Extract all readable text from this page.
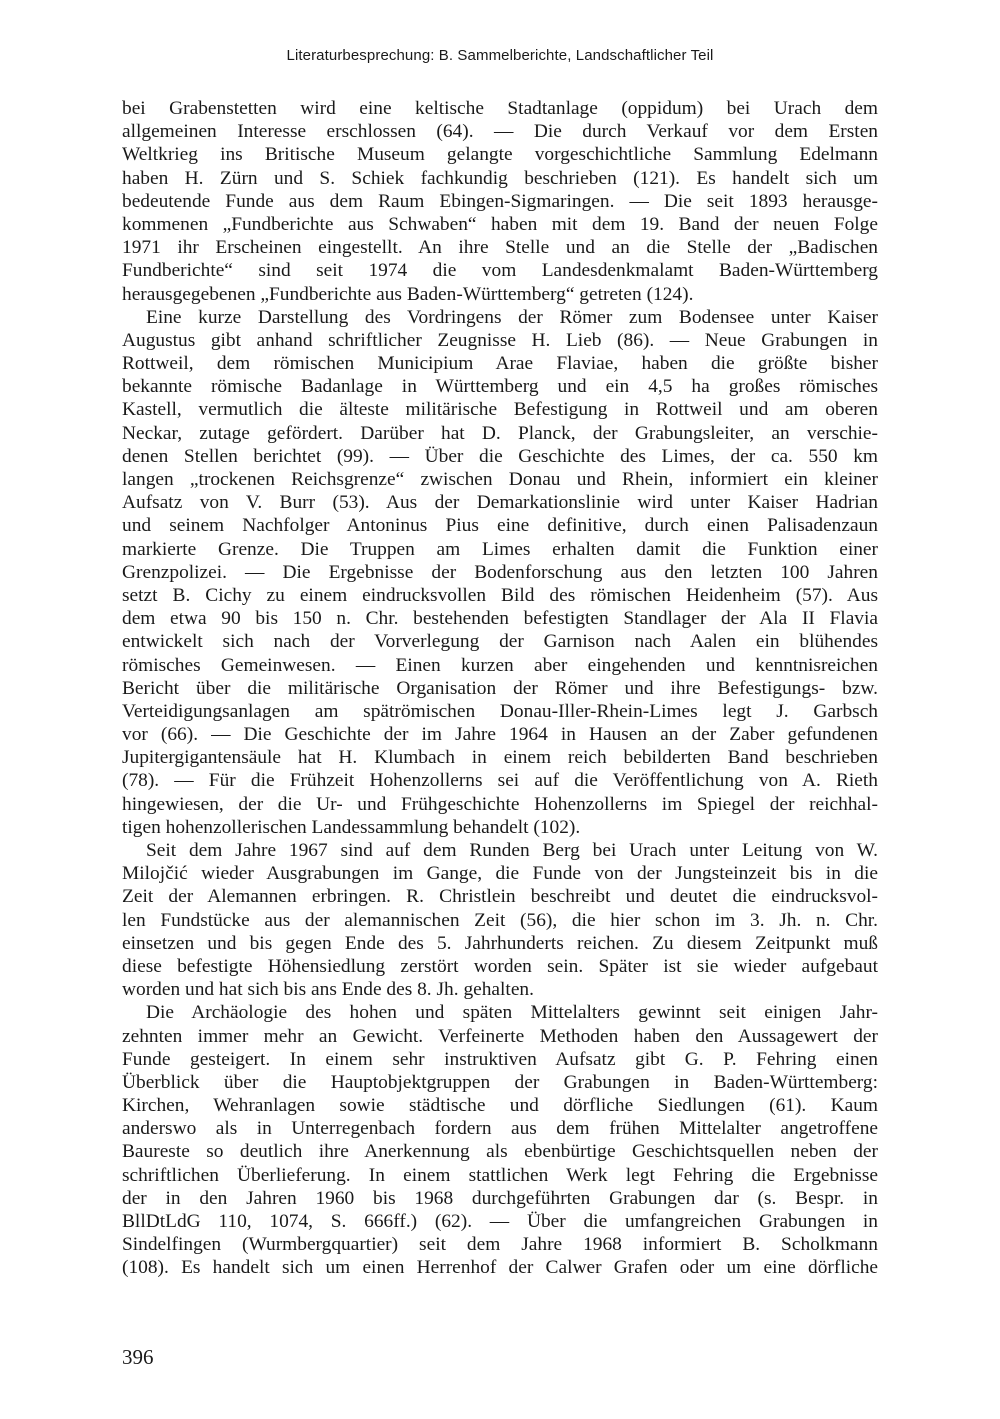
Literaturbesprechung: B. Sammelberichte, Landschaftlicher Teil
bei Grabenstetten wird eine keltische Stadtanlage (oppidum) bei Urach dem
allgemeinen Interesse erschlossen (64). — Die durch Verkauf vor dem Ersten
Weltkrieg ins Britische Museum gelangte vorgeschichtliche Sammlung Edelmann
haben H. Zürn und S. Schiek fachkundig beschrieben (121). Es handelt sich um
bedeutende Funde aus dem Raum Ebingen-Sigmaringen. — Die seit 1893 herausge-
kommenen „Fundberichte aus Schwaben“ haben mit dem 19. Band der neuen Folge
1971 ihr Erscheinen eingestellt. An ihre Stelle und an die Stelle der „Badischen
Fundberichte“ sind seit 1974 die vom Landesdenkmalamt Baden-Württemberg
herausgegebenen „Fundberichte aus Baden-Württemberg“ getreten (124).
Eine kurze Darstellung des Vordringens der Römer zum Bodensee unter Kaiser
Augustus gibt anhand schriftlicher Zeugnisse H. Lieb (86). — Neue Grabungen in
Rottweil, dem römischen Municipium Arae Flaviae, haben die größte bisher
bekannte römische Badanlage in Württemberg und ein 4,5 ha großes römisches
Kastell, vermutlich die älteste militärische Befestigung in Rottweil und am oberen
Neckar, zutage gefördert. Darüber hat D. Planck, der Grabungsleiter, an verschie-
denen Stellen berichtet (99). — Über die Geschichte des Limes, der ca. 550 km
langen „trockenen Reichsgrenze“ zwischen Donau und Rhein, informiert ein kleiner
Aufsatz von V. Burr (53). Aus der Demarkationslinie wird unter Kaiser Hadrian
und seinem Nachfolger Antoninus Pius eine definitive, durch einen Palisadenzaun
markierte Grenze. Die Truppen am Limes erhalten damit die Funktion einer
Grenzpolizei. — Die Ergebnisse der Bodenforschung aus den letzten 100 Jahren
setzt B. Cichy zu einem eindrucksvollen Bild des römischen Heidenheim (57). Aus
dem etwa 90 bis 150 n. Chr. bestehenden befestigten Standlager der Ala II Flavia
entwickelt sich nach der Vorverlegung der Garnison nach Aalen ein blühendes
römisches Gemeinwesen. — Einen kurzen aber eingehenden und kenntnisreichen
Bericht über die militärische Organisation der Römer und ihre Befestigungs- bzw.
Verteidigungsanlagen am spätrömischen Donau-Iller-Rhein-Limes legt J. Garbsch
vor (66). — Die Geschichte der im Jahre 1964 in Hausen an der Zaber gefundenen
Jupitergigantensäule hat H. Klumbach in einem reich bebilderten Band beschrieben
(78). — Für die Frühzeit Hohenzollerns sei auf die Veröffentlichung von A. Rieth
hingewiesen, der die Ur- und Frühgeschichte Hohenzollerns im Spiegel der reichhal-
tigen hohenzollerischen Landessammlung behandelt (102).
Seit dem Jahre 1967 sind auf dem Runden Berg bei Urach unter Leitung von W.
Milojčić wieder Ausgrabungen im Gange, die Funde von der Jungsteinzeit bis in die
Zeit der Alemannen erbringen. R. Christlein beschreibt und deutet die eindrucksvol-
len Fundstücke aus der alemannischen Zeit (56), die hier schon im 3. Jh. n. Chr.
einsetzen und bis gegen Ende des 5. Jahrhunderts reichen. Zu diesem Zeitpunkt muß
diese befestigte Höhensiedlung zerstört worden sein. Später ist sie wieder aufgebaut
worden und hat sich bis ans Ende des 8. Jh. gehalten.
Die Archäologie des hohen und späten Mittelalters gewinnt seit einigen Jahr-
zehnten immer mehr an Gewicht. Verfeinerte Methoden haben den Aussagewert der
Funde gesteigert. In einem sehr instruktiven Aufsatz gibt G. P. Fehring einen
Überblick über die Hauptobjektgruppen der Grabungen in Baden-Württemberg:
Kirchen, Wehranlagen sowie städtische und dörfliche Siedlungen (61). Kaum
anderswo als in Unterregenbach fordern aus dem frühen Mittelalter angetroffene
Baureste so deutlich ihre Anerkennung als ebenbürtige Geschichtsquellen neben der
schriftlichen Überlieferung. In einem stattlichen Werk legt Fehring die Ergebnisse
der in den Jahren 1960 bis 1968 durchgeführten Grabungen dar (s. Bespr. in
BllDtLdG 110, 1074, S. 666ff.) (62). — Über die umfangreichen Grabungen in
Sindelfingen (Wurmbergquartier) seit dem Jahre 1968 informiert B. Scholkmann
(108). Es handelt sich um einen Herrenhof der Calwer Grafen oder um eine dörfliche
396
